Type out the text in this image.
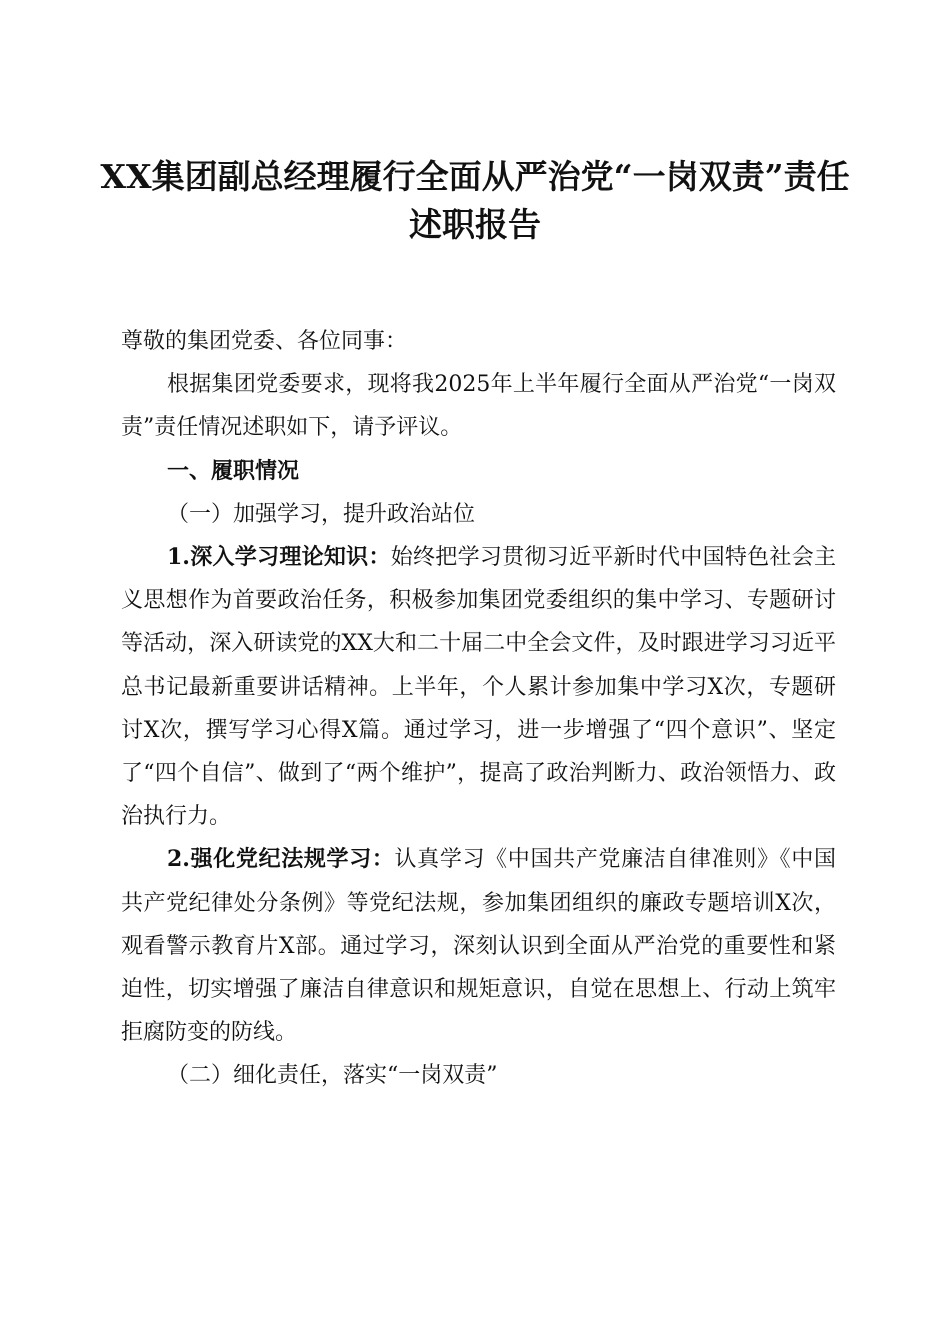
XX集团副总经理履行全面从严治党“一岗双责”责任述职报告

尊敬的集团党委、各位同事：

根据集团党委要求，现将我2025年上半年履行全面从严治党“一岗双责”责任情况述职如下，请予评议。

一、履职情况

（一）加强学习，提升政治站位

1.深入学习理论知识：始终把学习贯彻习近平新时代中国特色社会主义思想作为首要政治任务，积极参加集团党委组织的集中学习、专题研讨等活动，深入研读党的XX大和二十届二中全会文件，及时跟进学习习近平总书记最新重要讲话精神。上半年，个人累计参加集中学习X次，专题研讨X次，撰写学习心得X篇。通过学习，进一步增强了“四个意识”、坚定了“四个自信”、做到了“两个维护”，提高了政治判断力、政治领悟力、政治执行力。

2.强化党纪法规学习：认真学习《中国共产党廉洁自律准则》《中国共产党纪律处分条例》等党纪法规，参加集团组织的廉政专题培训X次，观看警示教育片X部。通过学习，深刻认识到全面从严治党的重要性和紧迫性，切实增强了廉洁自律意识和规矩意识，自觉在思想上、行动上筑牢拒腐防变的防线。

（二）细化责任，落实“一岗双责”
